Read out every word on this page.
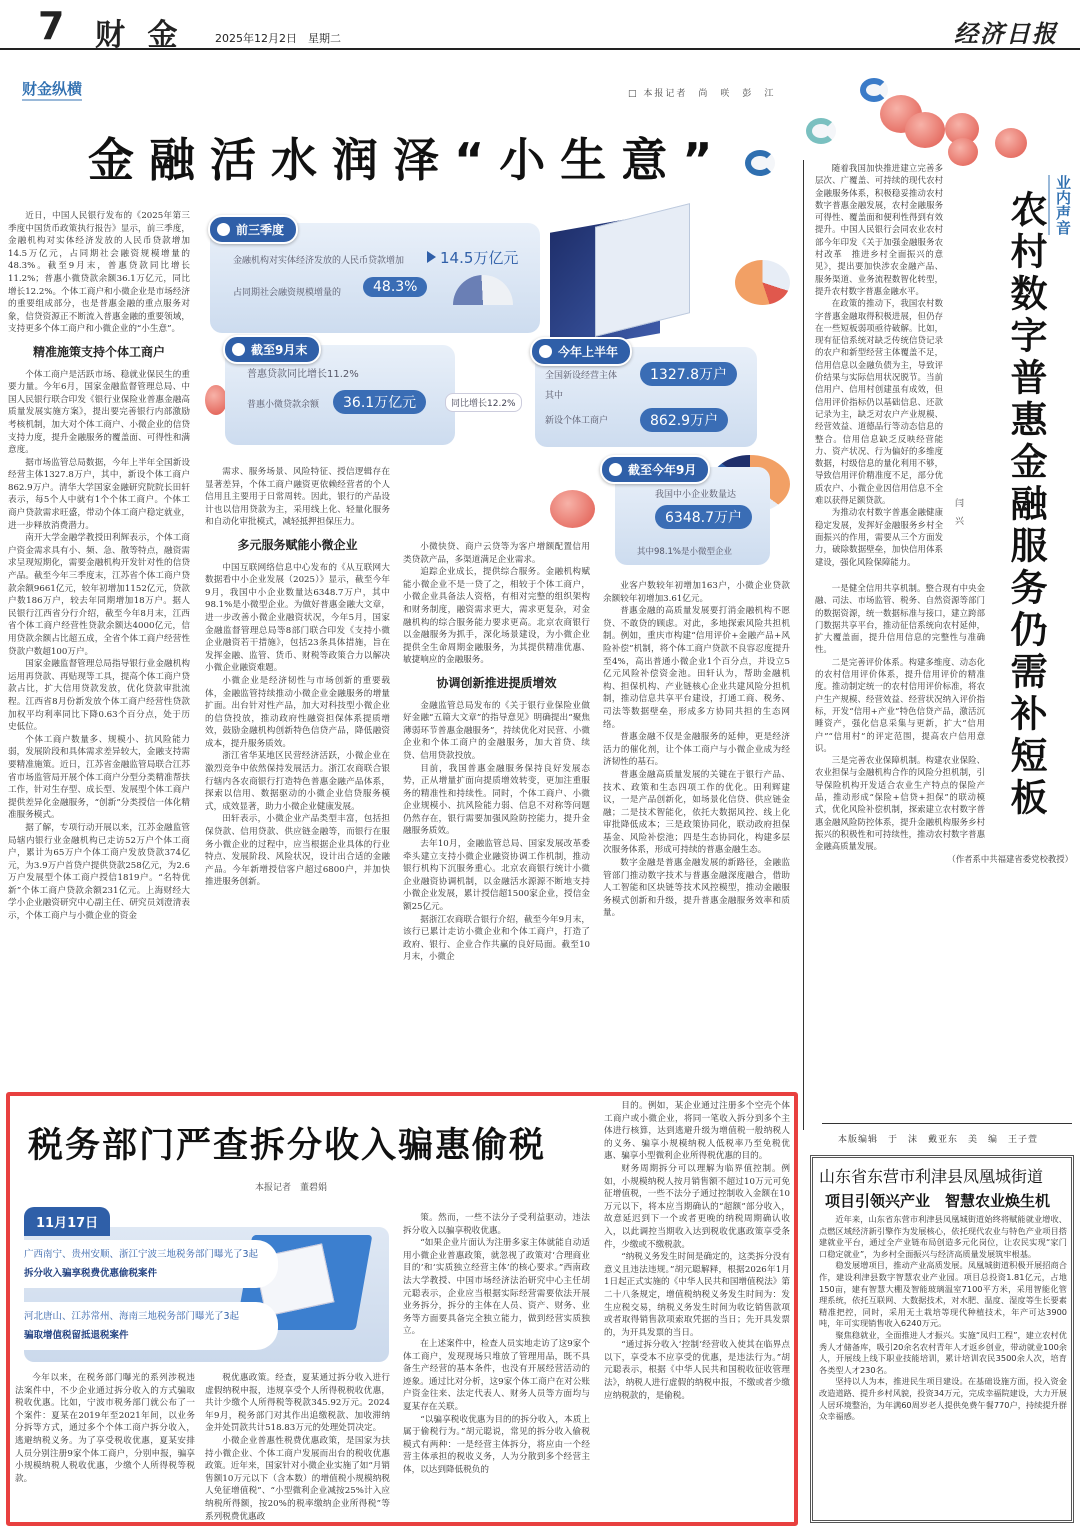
7 财 金	2025年12月2日　星期二	经济日报
财金纵横	□ 本报记者　尚　咲　彭　江
金融活水润泽“小生意”
前三季度
金融机构对实体经济发放的人民币贷款增加 14.5万亿元
占同期社会融资规模增量的	48.3%
截至9月末
普惠贷款同比增长11.2%
普惠小微贷款余额	36.1万亿元	同比增长12.2%
今年上半年
全国新设经营主体	1327.8万户
其中
新设个体工商户	862.9万户
截至今年9月
我国中小企业数量达
6348.7万户
其中98.1%是小微型企业

近日，中国人民银行发布的《2025年第三季度中国货币政策执行报告》显示，前三季度，金融机构对实体经济发放的人民币贷款增加14.5万亿元，占同期社会融资规模增量的48.3%。截至9月末，普惠贷款同比增长11.2%；普惠小微贷款余额36.1万亿元，同比增长12.2%。个体工商户和小微企业是市场经济的重要组成部分，也是普惠金融的重点服务对象，信贷资源正不断流入普惠金融的重要领域，支持更多个体工商户和小微企业的“小生意”。

精准施策支持个体工商户

个体工商户是活跃市场、稳就业保民生的重要力量。今年6月，国家金融监督管理总局、中国人民银行联合印发《银行业保险业普惠金融高质量发展实施方案》，提出要完善银行内部激励考核机制，加大对个体工商户、小微企业的信贷支持力度，提升金融服务的覆盖面、可得性和满意度。

据市场监管总局数据，今年上半年全国新设经营主体1327.8万户，其中，新设个体工商户862.9万户。清华大学国家金融研究院院长田轩表示，每5个人中就有1个个体工商户。个体工商户贷款需求旺盛，带动个体工商户稳定就业，进一步释放消费潜力。

南开大学金融学教授田利辉表示，个体工商户资金需求具有小、频、急、散等特点，融资需求呈现短期化，需要金融机构开发针对性的信贷产品。截至今年三季度末，江苏省个体工商户贷款余额9661亿元，较年初增加1152亿元，贷款户数186万户，较去年同期增加18万户。据人民银行江西省分行介绍，截至今年8月末，江西省个体工商户经营性贷款余额达4000亿元，信用贷款余额占比超五成，全省个体工商户经营性贷款户数超100万户。

国家金融监督管理总局指导银行业金融机构运用再贷款、再贴现等工具，提高个体工商户贷款占比，扩大信用贷款发放，优化贷款审批流程。江西省8月份新发放个体工商户经营性贷款加权平均利率同比下降0.63个百分点，处于历史低位。

个体工商户数量多、规模小、抗风险能力弱，发展阶段和具体需求差异较大，金融支持需要精准施策。近日，江苏省金融监管局联合江苏省市场监管局开展个体工商户分型分类精准帮扶工作，针对生存型、成长型、发展型个体工商户提供差异化金融服务，“创新”分类授信一体化精准服务模式。

据了解，专项行动开展以来，江苏金融监管局辖内银行业金融机构已走访52万户个体工商户，累计为65万户个体工商户发放贷款374亿元，为3.9万户首贷户提供贷款258亿元，为2.6万户发展型个体工商户授信1819户。“名特优新”个体工商户贷款余额231亿元。上海财经大学小企业融资研究中心副主任、研究员刘澄清表示，个体工商户与小微企业的资金

需求、服务场景、风险特征、授信逻辑存在显著差异，个体工商户融资更依赖经营者的个人信用且主要用于日常周转。因此，银行的产品设计也以信用贷款为主，采用线上化、轻量化服务和自动化审批模式，减轻抵押担保压力。

多元服务赋能小微企业

中国互联网络信息中心发布的《从互联网大数据看中小企业发展（2025）》显示，截至今年9月，我国中小企业数量达6348.7万户，其中98.1%是小微型企业。为做好普惠金融大文章，进一步改善小微企业融资状况，今年5月，国家金融监督管理总局等8部门联合印发《支持小微企业融资若干措施》，包括23条具体措施，旨在发挥金融、监管、货币、财税等政策合力以解决小微企业融资难题。

小微企业是经济韧性与市场创新的重要载体，金融监管持续推动小微企业金融服务的增量扩面。出台针对性产品，加大对科技型小微企业的信贷投放，推动政府性融资担保体系提质增效，鼓励金融机构创新特色信贷产品，降低融资成本，提升服务质效。

浙江省华某地区民营经济活跃，小微企业在激烈竞争中依然保持发展活力。浙江农商联合银行辖内各农商银行打造特色普惠金融产品体系，探索以信用、数据驱动的小微企业信贷服务模式，成效显著，助力小微企业健康发展。

田轩表示，小微企业产品类型丰富，包括担保贷款、信用贷款、供应链金融等，而银行在服务小微企业的过程中，应当根据企业具体的行业特点、发展阶段、风险状况，设计出合适的金融产品。今年新增授信客户超过6800户，并加快推进服务创新。

小微快贷、商户云贷等为客户增额配置信用类贷款产品，多渠道满足企业需求。

追踪企业成长，提供综合服务。金融机构赋能小微企业不是一贷了之，相较于个体工商户，小微企业具备法人资格，有相对完整的组织架构和财务制度，融资需求更大，需求更复杂，对金融机构的综合服务能力要求更高。北京农商银行以金融服务为抓手，深化场景建设，为小微企业提供全生命周期金融服务，为其提供精准优惠、敏捷响应的金融服务。

协调创新推进提质增效

金融监管总局发布的《关于银行业保险业做好金融“五篇大文章”的指导意见》明确提出“聚焦薄弱环节普惠金融服务”，持续优化对民营、小微企业和个体工商户的金融服务，加大首贷、续贷、信用贷款投放。

目前，我国普惠金融服务保持良好发展态势，正从增量扩面向提质增效转变，更加注重服务的精准性和持续性。同时，个体工商户、小微企业规模小、抗风险能力弱、信息不对称等问题仍然存在，银行需要加强风险防控能力，提升金融服务质效。

去年10月，金融监管总局、国家发展改革委牵头建立支持小微企业融资协调工作机制，推动银行机构下沉服务重心。北京农商银行统计小微企业融资协调机制，以金融活水源源不断地支持小微企业发展，累计授信超1500家企业，授信金额25亿元。

据浙江农商联合银行介绍，截至今年9月末，该行已累计走访小微企业和个体工商户，打造了政府、银行、企业合作共赢的良好局面。截至10月末，小微企

业客户数较年初增加163户，小微企业贷款余额较年初增加3.61亿元。

普惠金融的高质量发展要打消金融机构不愿贷、不敢贷的顾虑。对此，多地探索风险共担机制。例如，重庆市构建“信用评价+金融产品+风险补偿”机制，将个体工商户贷款不良容忍度提升至4%，高出普通小微企业1个百分点，并设立5亿元风险补偿资金池。田轩认为，帮助金融机构、担保机构、产业链核心企业共建风险分担机制，推动信息共享平台建设，打通工商、税务、司法等数据壁垒，形成多方协同共担的生态网络。

普惠金融不仅是金融服务的延伸，更是经济活力的催化剂，让个体工商户与小微企业成为经济韧性的基石。

普惠金融高质量发展的关键在于银行产品、技术、政策和生态四项工作的优化。田利辉建议，一是产品创新化，如场景化信贷、供应链金融；二是技术智能化，依托大数据风控、线上化审批降低成本；三是政策协同化，联动政府担保基金、风险补偿池；四是生态协同化，构建多层次服务体系，形成可持续的普惠金融生态。

数字金融是普惠金融发展的新路径，金融监管部门推动数字技术与普惠金融深度融合，借助人工智能和区块链等技术风控模型，推动金融服务模式创新和升级，提升普惠金融服务效率和质量。

随着我国加快推进建立完善多层次、广覆盖、可持续的现代农村金融服务体系，积极稳妥推动农村数字普惠金融发展，农村金融服务可得性、覆盖面和便利性得到有效提升。中国人民银行会同农业农村部今年印发《关于加强金融服务农村改革　推进乡村全面振兴的意见》，提出要加快涉农金融产品、服务渠道、业务流程数智化转型，提升农村数字普惠金融水平。

在政策的推动下，我国农村数字普惠金融取得积极进展，但仍存在一些短板弱项亟待破解。比如，现有征信系统对缺乏传统信贷记录的农户和新型经营主体覆盖不足，信用信息以金融负债为主，导致评价结果与实际信用状况脱节。当前信用户、信用村创建虽有成效，但信用评价指标仍以基础信息、还款记录为主，缺乏对农户产业规模、经营效益、道德品行等动态信息的整合。信用信息缺乏反映经营能力、资产状况、行为偏好的多维度数据，村级信息的量化利用不够，导致信用评价精准度不足，部分优质农户、小微企业因信用信息不全难以获得足额贷款。

为推动农村数字普惠金融健康稳定发展，发挥好金融服务乡村全面振兴的作用，需要从三个方面发力，破除数据壁垒，加快信用体系建设，强化风险保障能力。

闫　兴 农村数字普惠金融服务仍需补短板 业内声音

一是健全信用共享机制。整合现有中央金融、司法、市场监管、税务、自然资源等部门的数据资源，统一数据标准与接口，建立跨部门数据共享平台，推动征信系统向农村延伸，扩大覆盖面，提升信用信息的完整性与准确性。

二是完善评价体系。构建多维度、动态化的农村信用评价体系，提升信用评价的精准度。推动制定统一的农村信用评价标准，将农户生产规模、经营效益、经营状况纳入评价指标，开发“信用+产业”特色信贷产品，激活沉睡资产，强化信息采集与更新，扩大“信用户”“信用村”的评定范围，提高农户信用意识。

三是完善农业保障机制。构建农业保险、农业担保与金融机构合作的风险分担机制，引导保险机构开发适合农业生产特点的保险产品，推动形成“保险+信贷+担保”的联动模式，优化风险补偿机制，探索建立农村数字普惠金融风险防控体系，提升金融机构服务乡村振兴的积极性和可持续性，推动农村数字普惠金融高质量发展。

（作者系中共福建省委党校教授）

本版编辑　于　沫　戴亚东　美　编　王子萱
山东省东营市利津县凤凰城街道
项目引领兴产业　智慧农业焕生机

近年来，山东省东营市利津县凤凰城街道始终将赋能就业增收、点燃区域经济新引擎作为发展核心，依托现代农业与特色产业项目搭建就业平台，通过全产业链布局创造多元化岗位，让农民实现“家门口稳定就业”，为乡村全面振兴与经济高质量发展筑牢根基。

稳发展增项目，推动产业高质发展。凤凰城街道积极开展招商合作，建设利津县数字智慧农业产业园。项目总投资1.81亿元，占地150亩，建有智慧大棚及智能玻璃温室7100平方米，采用智能化管理系统，依托互联网、大数据技术，对水肥、温度、湿度等生长要素精准把控，同时，采用无土栽培等现代种植技术，年产可达3900吨，年可实现销售收入6240万元。

聚焦稳就业，全面推进人才振兴。实施“凤归工程”，建立农村优秀人才储备库，吸引20余名农村青年人才返乡创业，带动就业100余人，开展线上线下职业技能培训，累计培训农民3500余人次，培育各类型人才230名。

坚持以人为本，推进民生项目建设。在基础设施方面，投入资金改造道路、提升乡村风貌，投资34万元，完成幸福院建设，大力开展人居环境整治，为年满60周岁老人提供免费午餐770户，持续提升群众幸福感。

税务部门严查拆分收入骗惠偷税
本报记者　董碧娟
11月17日
广西南宁、贵州安顺、浙江宁波三地税务部门曝光了3起
拆分收入骗享税费优惠偷税案件
河北唐山、江苏常州、海南三地税务部门曝光了3起
骗取增值税留抵退税案件

今年以来，在税务部门曝光的系列涉税违法案件中，不少企业通过拆分收入的方式骗取税收优惠。比如，宁波市税务部门就公布了一个案件：夏某在2019年至2021年间，以业务分拆等方式，通过多个个体工商户拆分收入，逃避纳税义务。为了享受税收优惠，夏某安排人员分别注册9家个体工商户，分别申报，骗享小规模纳税人税收优惠，少缴个人所得税等税款。

税优惠政策。经查，夏某通过拆分收入进行虚假纳税申报，违规享受个人所得税税收优惠，共计少缴个人所得税等税款345.92万元。2024年9月，税务部门对其作出追缴税款、加收滞纳金并处罚款共计518.83万元的处理处罚决定。

小微企业普惠性税费优惠政策，是国家为扶持小微企业、个体工商户发展而出台的税收优惠政策。近年来，国家针对小微企业实施了如“月销售额10万元以下（含本数）的增值税小规模纳税人免征增值税”、“小型微利企业减按25%计入应纳税所得额，按20%的税率缴纳企业所得税”等系列税费优惠政

策。然而，一些不法分子受利益驱动，违法拆分收入以骗享税收优惠。

“如果企业片面认为注册多家主体就能自动适用小微企业普惠政策，就忽视了政策对‘合理商业目的’和‘实质独立经营主体’的核心要求。”西南政法大学教授、中国市场经济法治研究中心主任胡元聪表示，企业应当根据实际经营需要依法开展业务拆分，拆分的主体在人员、资产、财务、业务等方面要具备完全独立能力，做到经营实质独立。

在上述案件中，检查人员实地走访了这9家个体工商户，发现现场只堆放了管理用品，既不具备生产经营的基本条件，也没有开展经营活动的迹象。通过比对分析，这9家个体工商户在对公账户资金往来、法定代表人、财务人员等方面均与夏某存在关联。

“以骗享税收优惠为目的的拆分收入，本质上属于偷税行为。”胡元聪说，常见的拆分收入偷税模式有两种：一是经营主体拆分，将应由一个经营主体承担的税收义务，人为分散到多个经营主体，以达到降低税负的

目的。例如，某企业通过注册多个空壳个体工商户或小微企业，将同一笔收入拆分到多个主体进行核算，达到逃避升级为增值税一般纳税人的义务、骗享小规模纳税人低税率乃至免税优惠、骗享小型微利企业所得税优惠的目的。

财务周期拆分可以理解为临界值控制。例如，小规模纳税人按月销售额不超过10万元可免征增值税，一些不法分子通过控制收入金额在10万元以下，将本应当期确认的“超额”部分收入，故意延迟到下一个或者更晚的纳税周期确认收入，以此调控当期收入达到税收优惠政策享受条件，少缴或不缴税款。

“纳税义务发生时间是确定的，这类拆分没有意义且违法违规。”胡元聪解释，根据2026年1月1日起正式实施的《中华人民共和国增值税法》第二十八条规定，增值税纳税义务发生时间为：发生应税交易，纳税义务发生时间为收讫销售款项或者取得销售款项索取凭据的当日；先开具发票的，为开具发票的当日。

“通过拆分收入‘控制’经营收入使其在临界点以下，享受本不应享受的优惠，是违法行为。”胡元聪表示，根据《中华人民共和国税收征收管理法》，纳税人进行虚假的纳税申报，不缴或者少缴应纳税款的，是偷税。
